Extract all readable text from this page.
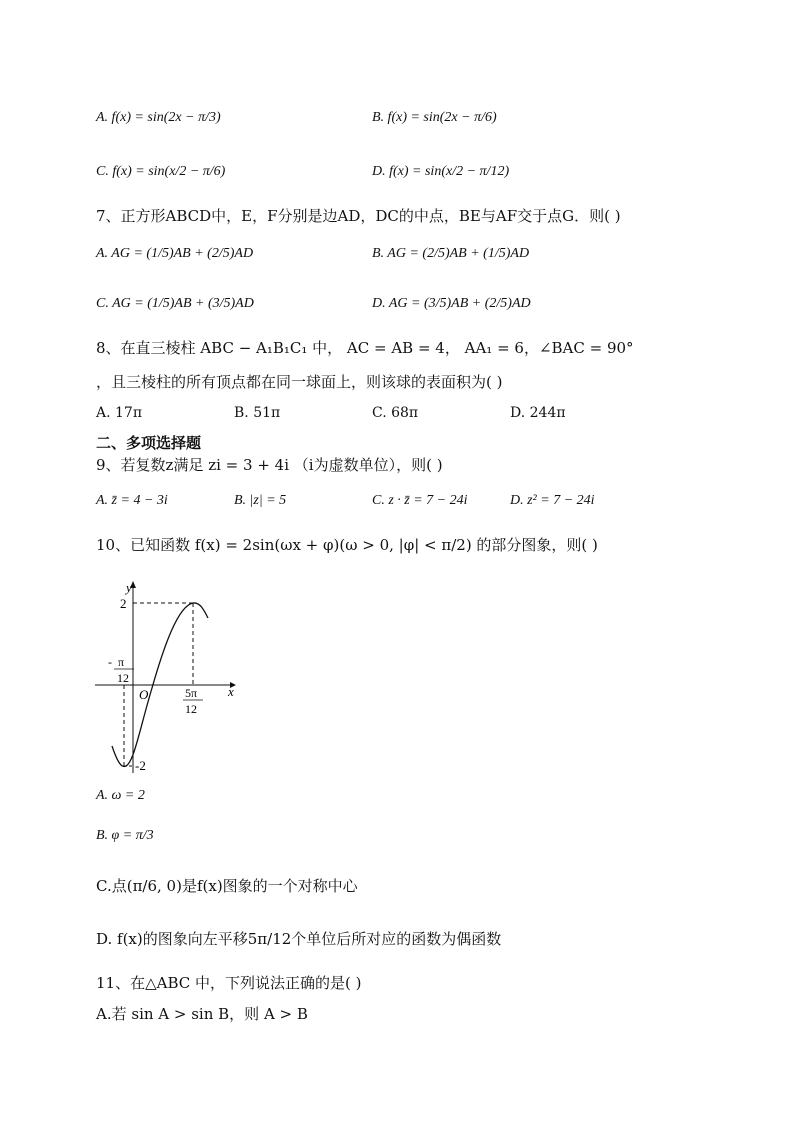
A. f(x) = sin(2x − π/3)	B. f(x) = sin(2x − π/6)
C. f(x) = sin(x/2 − π/6)	D. f(x) = sin(x/2 − π/12)
7、正方形ABCD中，E，F分别是边AD，DC的中点，BE与AF交于点G．则( )
A. AG = (1/5)AB + (2/5)AD	B. AG = (2/5)AB + (1/5)AD
C. AG = (1/5)AB + (3/5)AD	D. AG = (3/5)AB + (2/5)AD
8、在直三棱柱 ABC − A₁B₁C₁ 中， AC = AB = 4， AA₁ = 6，∠BAC = 90°
，且三棱柱的所有顶点都在同一球面上，则该球的表面积为( )
A. 17π	B. 51π	C. 68π	D. 244π
二、多项选择题
9、若复数z满足 zi = 3 + 4i （i为虚数单位），则( )
A. z̄ = 4 − 3i	B. |z| = 5	C. z · z̄ = 7 − 24i	D. z² = 7 − 24i
10、已知函数 f(x) = 2sin(ωx + φ)(ω > 0, |φ| < π/2) 的部分图象，则( )
y
x
2
-2
O
- π
12
5π
12
A. ω = 2
B. φ = π/3
C.点(π/6, 0)是f(x)图象的一个对称中心
D. f(x)的图象向左平移5π/12个单位后所对应的函数为偶函数
11、在△ABC 中，下列说法正确的是( )
A.若 sin A > sin B，则 A > B
